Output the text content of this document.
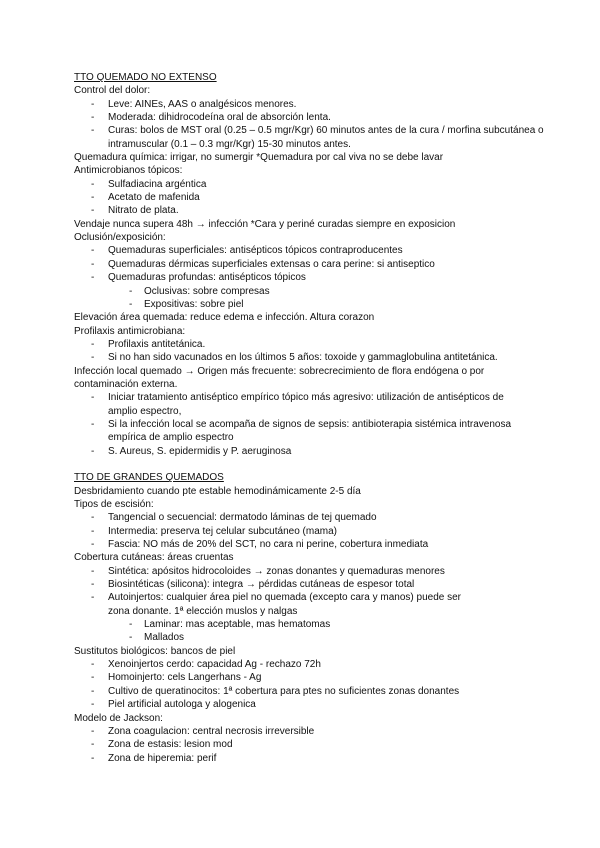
TTO QUEMADO NO EXTENSO
Control del dolor:
- Leve: AINEs, AAS o analgésicos menores.
- Moderada: dihidrocodeína oral de absorción lenta.
- Curas: bolos de MST oral (0.25 – 0.5 mgr/Kgr) 60 minutos antes de la cura / morfina subcutánea o intramuscular (0.1 – 0.3 mgr/Kgr) 15-30 minutos antes.
Quemadura química: irrigar, no sumergir *Quemadura por cal viva no se debe lavar
Antimicrobianos tópicos:
- Sulfadiacina argéntica
- Acetato de mafenida
- Nitrato de plata.
Vendaje nunca supera 48h → infección *Cara y periné curadas siempre en exposicion
Oclusión/exposición:
- Quemaduras superficiales: antisépticos tópicos contraproducentes
- Quemaduras dérmicas superficiales extensas o cara perine: si antiseptico
- Quemaduras profundas: antisépticos tópicos
- Oclusivas: sobre compresas
- Expositivas: sobre piel
Elevación área quemada: reduce edema e infección. Altura corazon
Profilaxis antimicrobiana:
- Profilaxis antitetánica.
- Si no han sido vacunados en los últimos 5 años: toxoide y gammaglobulina antitetánica.
Infección local quemado → Origen más frecuente: sobrecrecimiento de flora endógena o por contaminación externa.
- Iniciar tratamiento antiséptico empírico tópico más agresivo: utilización de antisépticos de amplio espectro,
- Si la infección local se acompaña de signos de sepsis: antibioterapia sistémica intravenosa empírica de amplio espectro
- S. Aureus, S. epidermidis y P. aeruginosa
TTO DE GRANDES QUEMADOS
Desbridamiento cuando pte estable hemodinámicamente 2-5 día
Tipos de escisión:
- Tangencial o secuencial: dermatodo láminas de tej quemado
- Intermedia: preserva tej celular subcutáneo (mama)
- Fascia: NO más de 20% del SCT, no cara ni perine, cobertura inmediata
Cobertura cutáneas: áreas cruentas
- Sintética: apósitos hidrocoloides → zonas donantes y quemaduras menores
- Biosintéticas (silicona): integra → pérdidas cutáneas de espesor total
- Autoinjertos: cualquier área piel no quemada (excepto cara y manos) puede ser zona donante. 1ª elección muslos y nalgas
- Laminar: mas aceptable, mas hematomas
- Mallados
Sustitutos biológicos: bancos de piel
- Xenoinjertos cerdo: capacidad Ag - rechazo 72h
- Homoinjerto: cels Langerhans - Ag
- Cultivo de queratinocitos: 1ª cobertura para ptes no suficientes zonas donantes
- Piel artificial autologa y alogenica
Modelo de Jackson:
- Zona coagulacion: central necrosis irreversible
- Zona de estasis: lesion mod
- Zona de hiperemia: perif
